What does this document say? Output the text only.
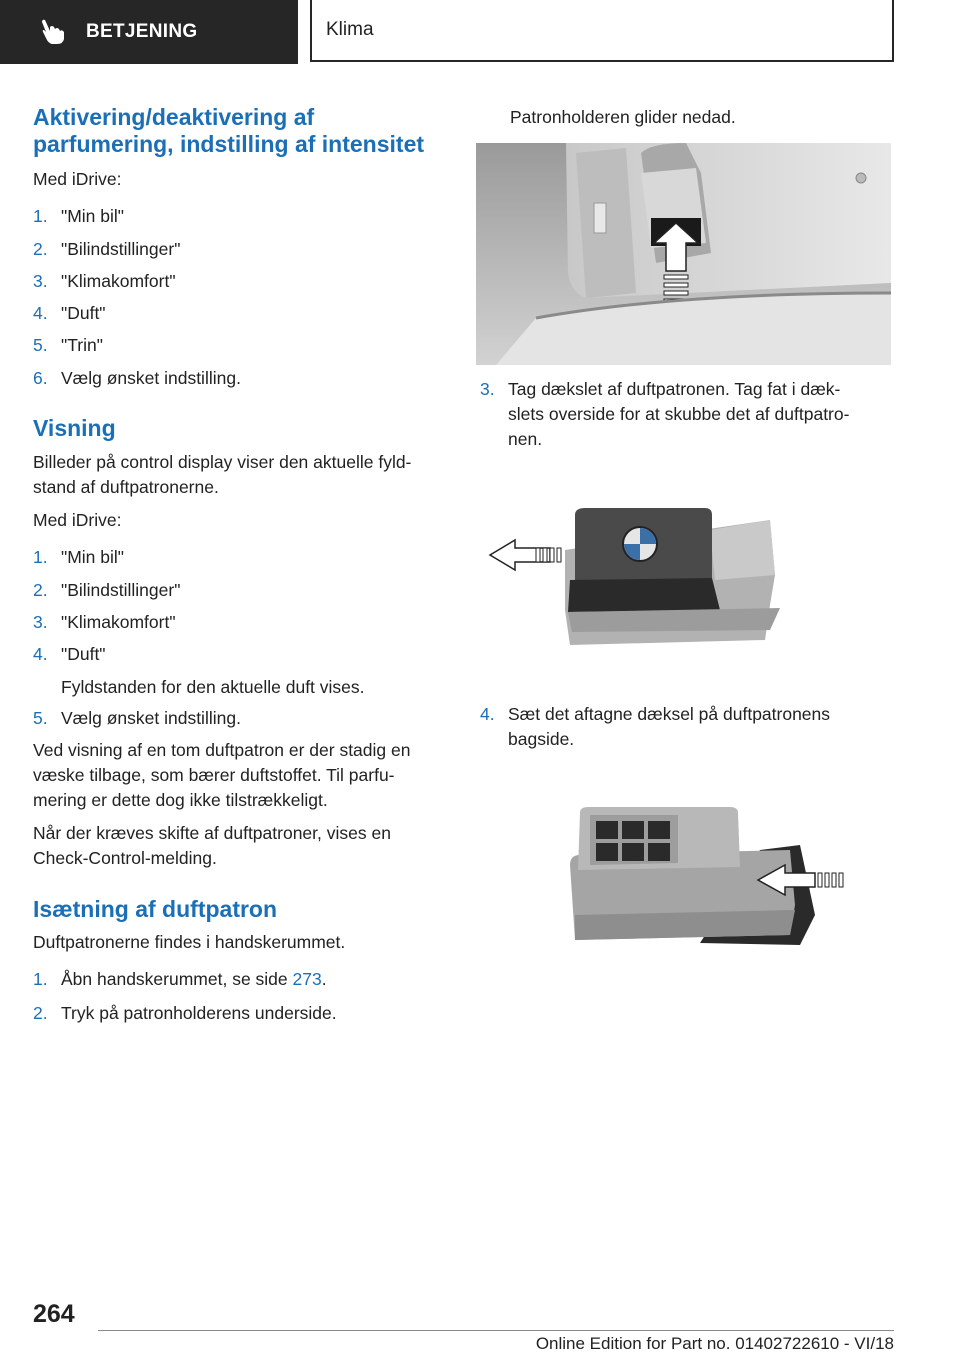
BETJENING	Klima
Aktivering/deaktivering af
parfumering, indstilling af intensitet
Med iDrive:
1. "Min bil"
2. "Bilindstillinger"
3. "Klimakomfort"
4. "Duft"
5. "Trin"
6. Vælg ønsket indstilling.
Visning
Billeder på control display viser den aktuelle fyld-
stand af duftpatronerne.
Med iDrive:
1. "Min bil"
2. "Bilindstillinger"
3. "Klimakomfort"
4. "Duft"
Fyldstanden for den aktuelle duft vises.
5. Vælg ønsket indstilling.
Ved visning af en tom duftpatron er der stadig en
væske tilbage, som bærer duftstoffet. Til parfu-
mering er dette dog ikke tilstrækkeligt.
Når der kræves skifte af duftpatroner, vises en
Check-Control-melding.
Isætning af duftpatron
Duftpatronerne findes i handskerummet.
1. Åbn handskerummet, se side 273.
2. Tryk på patronholderens underside.
Patronholderen glider nedad.
3. Tag dækslet af duftpatronen. Tag fat i dæk-
slets overside for at skubbe det af duftpatro-
nen.
4. Sæt det aftagne dæksel på duftpatronens
bagside.
264
Online Edition for Part no. 01402722610 - VI/18
